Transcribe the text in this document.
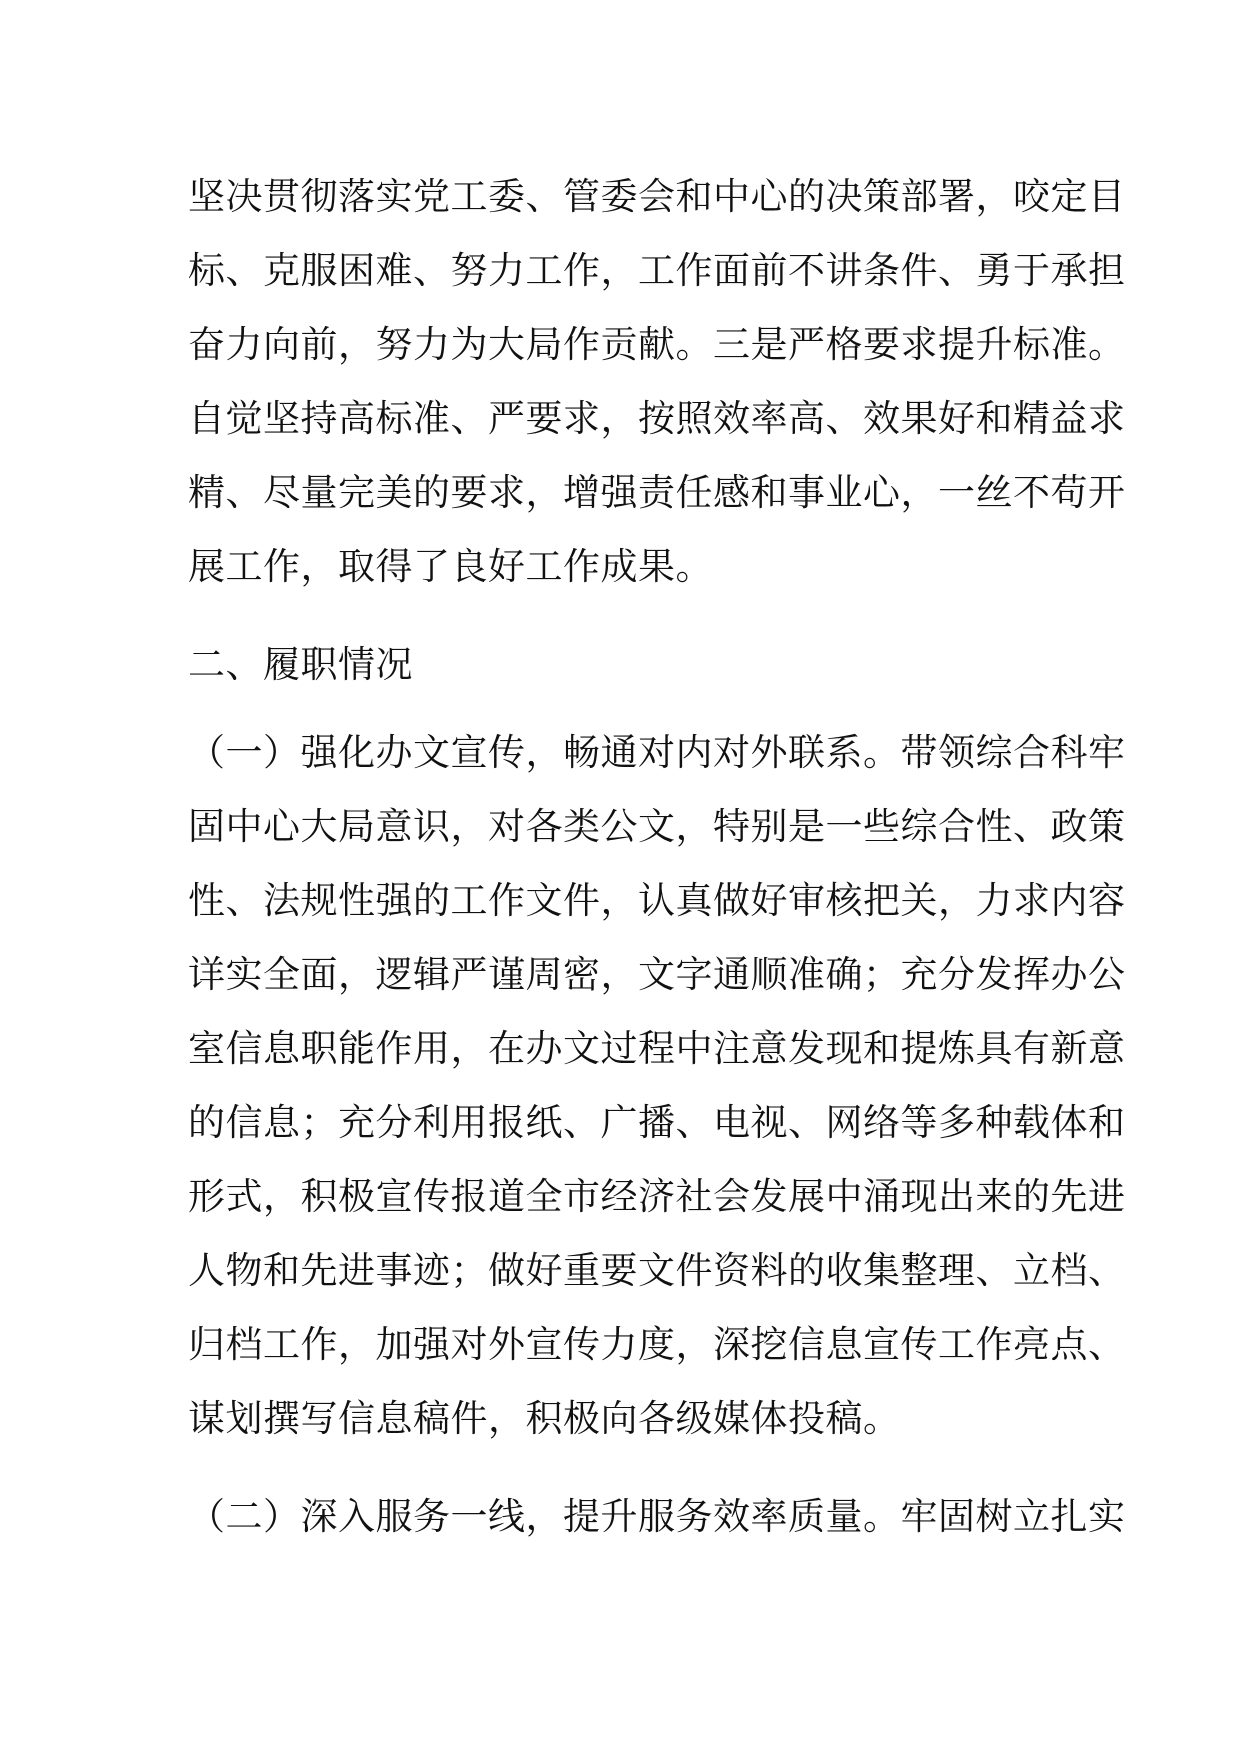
坚决贯彻落实党工委、管委会和中心的决策部署，咬定目
标、克服困难、努力工作，工作面前不讲条件、勇于承担
奋力向前，努力为大局作贡献。三是严格要求提升标准。
自觉坚持高标准、严要求，按照效率高、效果好和精益求
精、尽量完美的要求，增强责任感和事业心，一丝不苟开
展工作，取得了良好工作成果。
二、履职情况
（一）强化办文宣传，畅通对内对外联系。带领综合科牢
固中心大局意识，对各类公文，特别是一些综合性、政策
性、法规性强的工作文件，认真做好审核把关，力求内容
详实全面，逻辑严谨周密，文字通顺准确；充分发挥办公
室信息职能作用，在办文过程中注意发现和提炼具有新意
的信息；充分利用报纸、广播、电视、网络等多种载体和
形式，积极宣传报道全市经济社会发展中涌现出来的先进
人物和先进事迹；做好重要文件资料的收集整理、立档、
归档工作，加强对外宣传力度，深挖信息宣传工作亮点、
谋划撰写信息稿件，积极向各级媒体投稿。
（二）深入服务一线，提升服务效率质量。牢固树立扎实
